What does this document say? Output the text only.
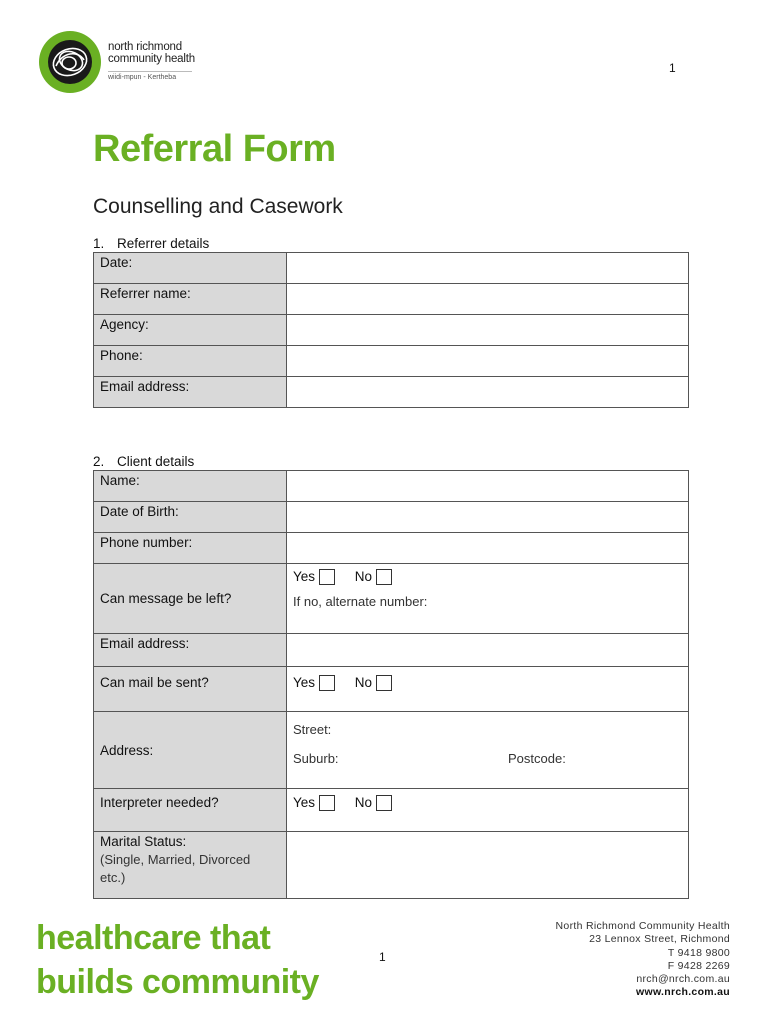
north richmond
community health
wiidi-mpun - Kertheba
1
Referral Form
Counselling and Casework
1. Referrer details
Date:	
Referrer name:	
Agency:	
Phone:	
Email address:	
2. Client details
Name:	
Date of Birth:	
Phone number:	
Can message be left?	Yes No
If no, alternate number:

Email address:	
Can mail be sent?	Yes No
Address:	Street:
Suburb: Postcode:

Interpreter needed?	Yes No

Marital Status:
(Single, Married, Divorced
etc.)	

healthcare that
builds community
1
North Richmond Community Health
23 Lennox Street, Richmond
T 9418 9800
F 9428 2269
nrch@nrch.com.au
www.nrch.com.au
